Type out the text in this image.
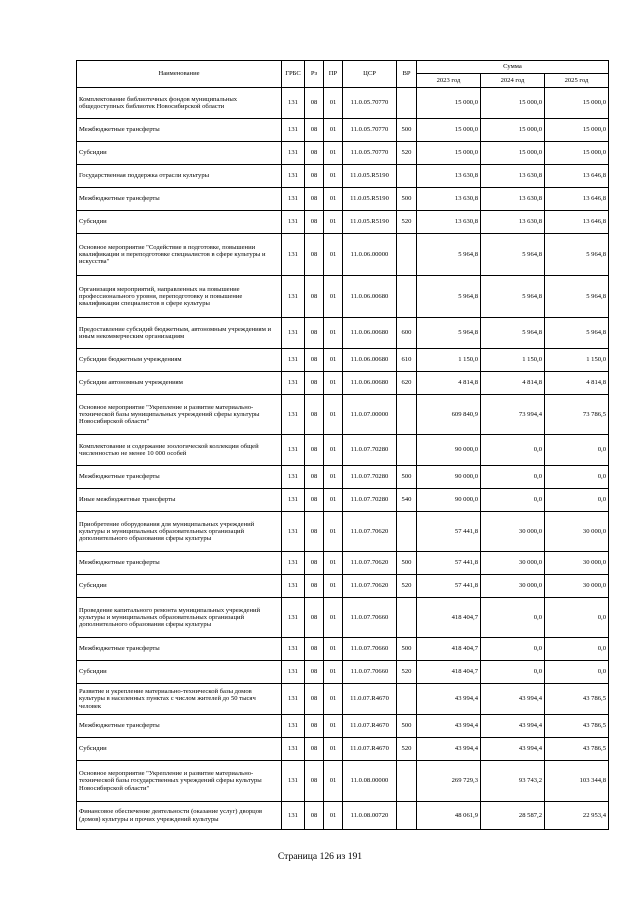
Наименование	ГРБС	Рз	ПР	ЦСР	ВР	Сумма		
						2023 год	2024 год	2025 год
Комплектование библиотечных фондов муниципальных общедоступных библиотек Новосибирской области	131	08	01	11.0.05.70770		15 000,0	15 000,0	15 000,0
Межбюджетные трансферты	131	08	01	11.0.05.70770	500	15 000,0	15 000,0	15 000,0
Субсидии	131	08	01	11.0.05.70770	520	15 000,0	15 000,0	15 000,0
Государственная поддержка отрасли культуры	131	08	01	11.0.05.R5190		13 630,8	13 630,8	13 646,8
Межбюджетные трансферты	131	08	01	11.0.05.R5190	500	13 630,8	13 630,8	13 646,8
Субсидии	131	08	01	11.0.05.R5190	520	13 630,8	13 630,8	13 646,8
Основное мероприятие "Содействие в подготовке, повышении квалификации и переподготовке специалистов в сфере культуры и искусства"	131	08	01	11.0.06.00000		5 964,8	5 964,8	5 964,8
Организация мероприятий, направленных на повышение профессионального уровня, переподготовку и повышение квалификации специалистов в сфере культуры	131	08	01	11.0.06.00680		5 964,8	5 964,8	5 964,8
Предоставление субсидий бюджетным, автономным учреждениям и иным некоммерческим организациям	131	08	01	11.0.06.00680	600	5 964,8	5 964,8	5 964,8
Субсидии бюджетным учреждениям	131	08	01	11.0.06.00680	610	1 150,0	1 150,0	1 150,0
Субсидии автономным учреждениям	131	08	01	11.0.06.00680	620	4 814,8	4 814,8	4 814,8
Основное мероприятие "Укрепление и развитие материально-технической базы муниципальных учреждений сферы культуры Новосибирской области"	131	08	01	11.0.07.00000		609 840,9	73 994,4	73 786,5
Комплектование и содержание зоологической коллекции общей численностью не менее 10 000 особей	131	08	01	11.0.07.70280		90 000,0	0,0	0,0
Межбюджетные трансферты	131	08	01	11.0.07.70280	500	90 000,0	0,0	0,0
Иные межбюджетные трансферты	131	08	01	11.0.07.70280	540	90 000,0	0,0	0,0
Приобретение оборудования для муниципальных учреждений культуры и муниципальных образовательных организаций дополнительного образования сферы культуры	131	08	01	11.0.07.70620		57 441,8	30 000,0	30 000,0
Межбюджетные трансферты	131	08	01	11.0.07.70620	500	57 441,8	30 000,0	30 000,0
Субсидии	131	08	01	11.0.07.70620	520	57 441,8	30 000,0	30 000,0
Проведение капитального ремонта муниципальных учреждений культуры и муниципальных образовательных организаций дополнительного образования сферы культуры	131	08	01	11.0.07.70660		418 404,7	0,0	0,0
Межбюджетные трансферты	131	08	01	11.0.07.70660	500	418 404,7	0,0	0,0
Субсидии	131	08	01	11.0.07.70660	520	418 404,7	0,0	0,0
Развитие и укрепление материально-технической базы домов культуры в населенных пунктах с числом жителей до 50 тысяч человек	131	08	01	11.0.07.R4670		43 994,4	43 994,4	43 786,5
Межбюджетные трансферты	131	08	01	11.0.07.R4670	500	43 994,4	43 994,4	43 786,5
Субсидии	131	08	01	11.0.07.R4670	520	43 994,4	43 994,4	43 786,5
Основное мероприятие "Укрепление и развитие материально-технической базы государственных учреждений сферы культуры Новосибирской области"	131	08	01	11.0.08.00000		269 729,3	93 743,2	103 344,8
Финансовое обеспечение деятельности (оказание услуг) дворцов (домов) культуры и прочих учреждений культуры	131	08	01	11.0.08.00720		48 061,9	28 587,2	22 953,4
Страница 126 из 191
